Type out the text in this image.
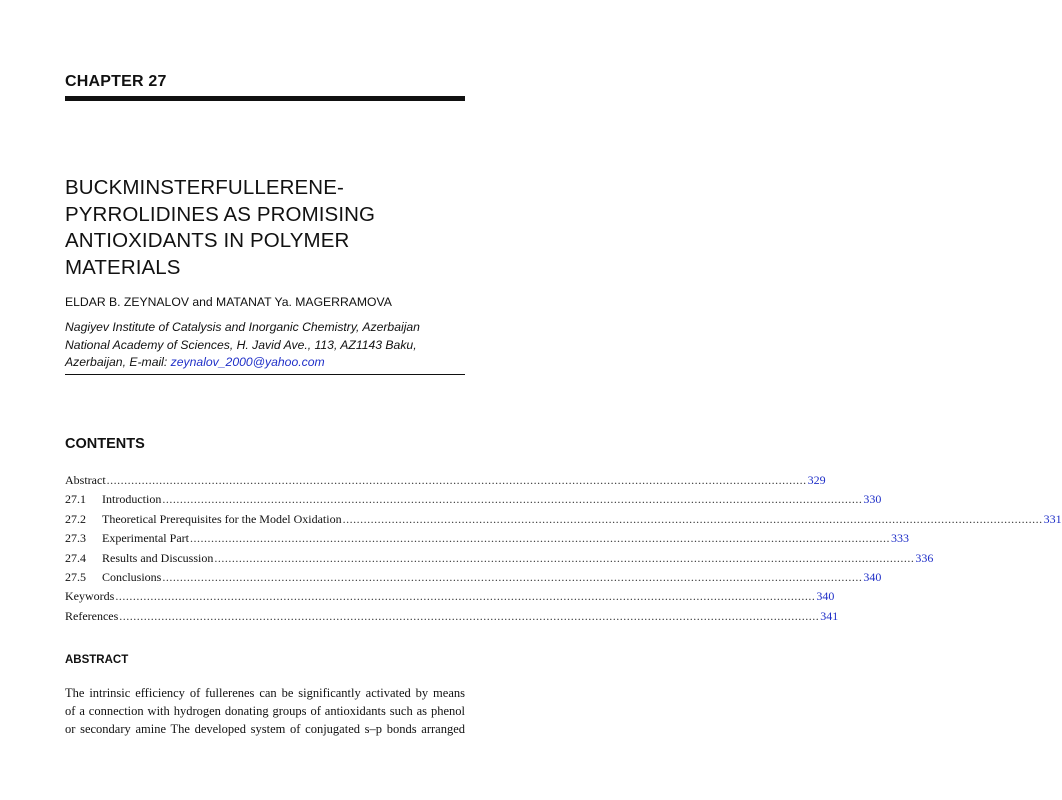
CHAPTER 27
BUCKMINSTERFULLERENE-
PYRROLIDINES AS PROMISING
ANTIOXIDANTS IN POLYMER
MATERIALS
ELDAR B. ZEYNALOV and MATANAT Ya. MAGERRAMOVA
Nagiyev Institute of Catalysis and Inorganic Chemistry, Azerbaijan
National Academy of Sciences, H. Javid Ave., 113, AZ1143 Baku,
Azerbaijan, E-mail: zeynalov_2000@yahoo.com
CONTENTS
Abstract ........................................................................................................................................................................................................ 329
27.1	Introduction ........................................................................................................................................................................................................ 330
27.2	Theoretical Prerequisites for the Model Oxidation ........................................................................................................................................................................................................ 331
27.3	Experimental Part ........................................................................................................................................................................................................ 333
27.4	Results and Discussion ........................................................................................................................................................................................................ 336
27.5	Conclusions ........................................................................................................................................................................................................ 340
Keywords ........................................................................................................................................................................................................ 340
References ........................................................................................................................................................................................................ 341
ABSTRACT
The intrinsic efficiency of fullerenes can be significantly activated by means
of a connection with hydrogen donating groups of antioxidants such as phenol
or secondary amine The developed system of conjugated s–p bonds arranged
